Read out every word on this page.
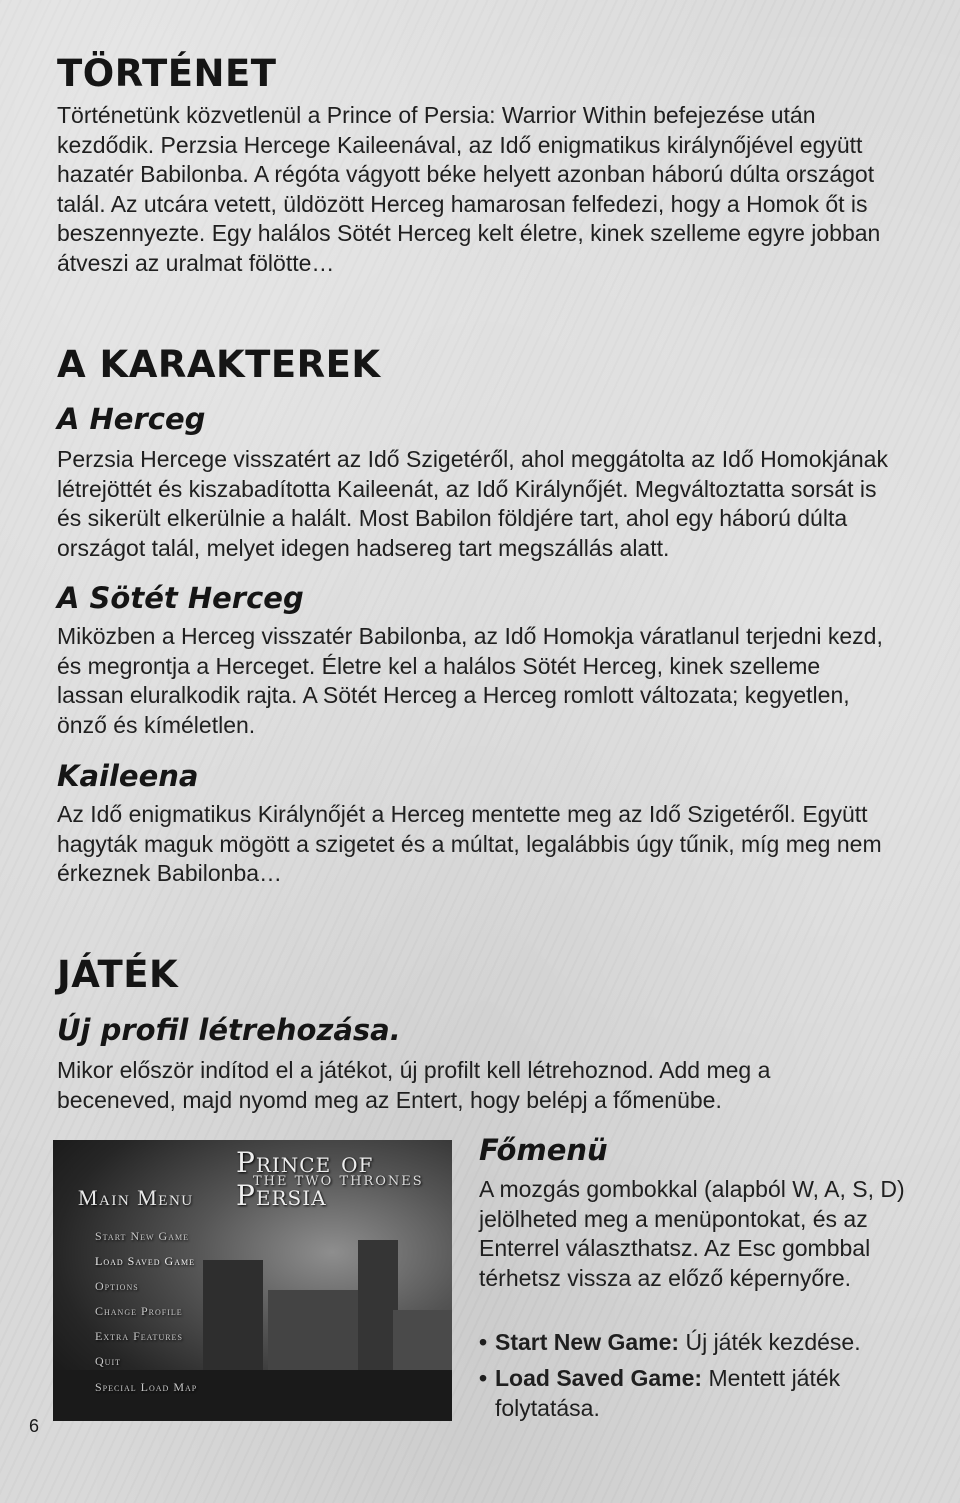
TÖRTÉNET

Történetünk közvetlenül a Prince of Persia: Warrior Within befejezése után kezdődik. Perzsia Hercege Kaileenával, az Idő enigmatikus királynőjével együtt hazatér Babilonba. A régóta vágyott béke helyett azonban háború dúlta országot talál. Az utcára vetett, üldözött Herceg hamarosan felfedezi, hogy a Homok őt is beszennyezte. Egy halálos Sötét Herceg kelt életre, kinek szelleme egyre jobban átveszi az uralmat fölötte…

A KARAKTEREK
A Herceg

Perzsia Hercege visszatért az Idő Szigetéről, ahol meggátolta az Idő Homokjának létrejöttét és kiszabadította Kaileenát, az Idő Királynőjét. Megváltoztatta sorsát is és sikerült elkerülnie a halált. Most Babilon földjére tart, ahol egy háború dúlta országot talál, melyet idegen hadsereg tart megszállás alatt.

A Sötét Herceg

Miközben a Herceg visszatér Babilonba, az Idő Homokja váratlanul terjedni kezd, és megrontja a Herceget. Életre kel a halálos Sötét Herceg, kinek szelleme lassan eluralkodik rajta. A Sötét Herceg a Herceg romlott változata; kegyetlen, önző és kíméletlen.

Kaileena

Az Idő enigmatikus Királynőjét a Herceg mentette meg az Idő Szigetéről. Együtt hagyták maguk mögött a szigetet és a múltat, legalábbis úgy tűnik, míg meg nem érkeznek Babilonba…

JÁTÉK
Új profil létrehozása.

Mikor először indítod el a játékot, új profilt kell létrehoznod. Add meg a beceneved, majd nyomd meg az Entert, hogy belépj a főmenübe.

Prince of Persia
THE TWO THRONES
Main Menu
Start New Game
Load Saved Game
Options
Change Profile
Extra Features
Quit
Special Load Map
Főmenü

A mozgás gombokkal (alapból W, A, S, D) jelölheted meg a menüpontokat, és az Enterrel választhatsz. Az Esc gombbal térhetsz vissza az előző képernyőre.

• Start New Game: Új játék kezdése.
• Load Saved Game: Mentett játék folytatása.
6
